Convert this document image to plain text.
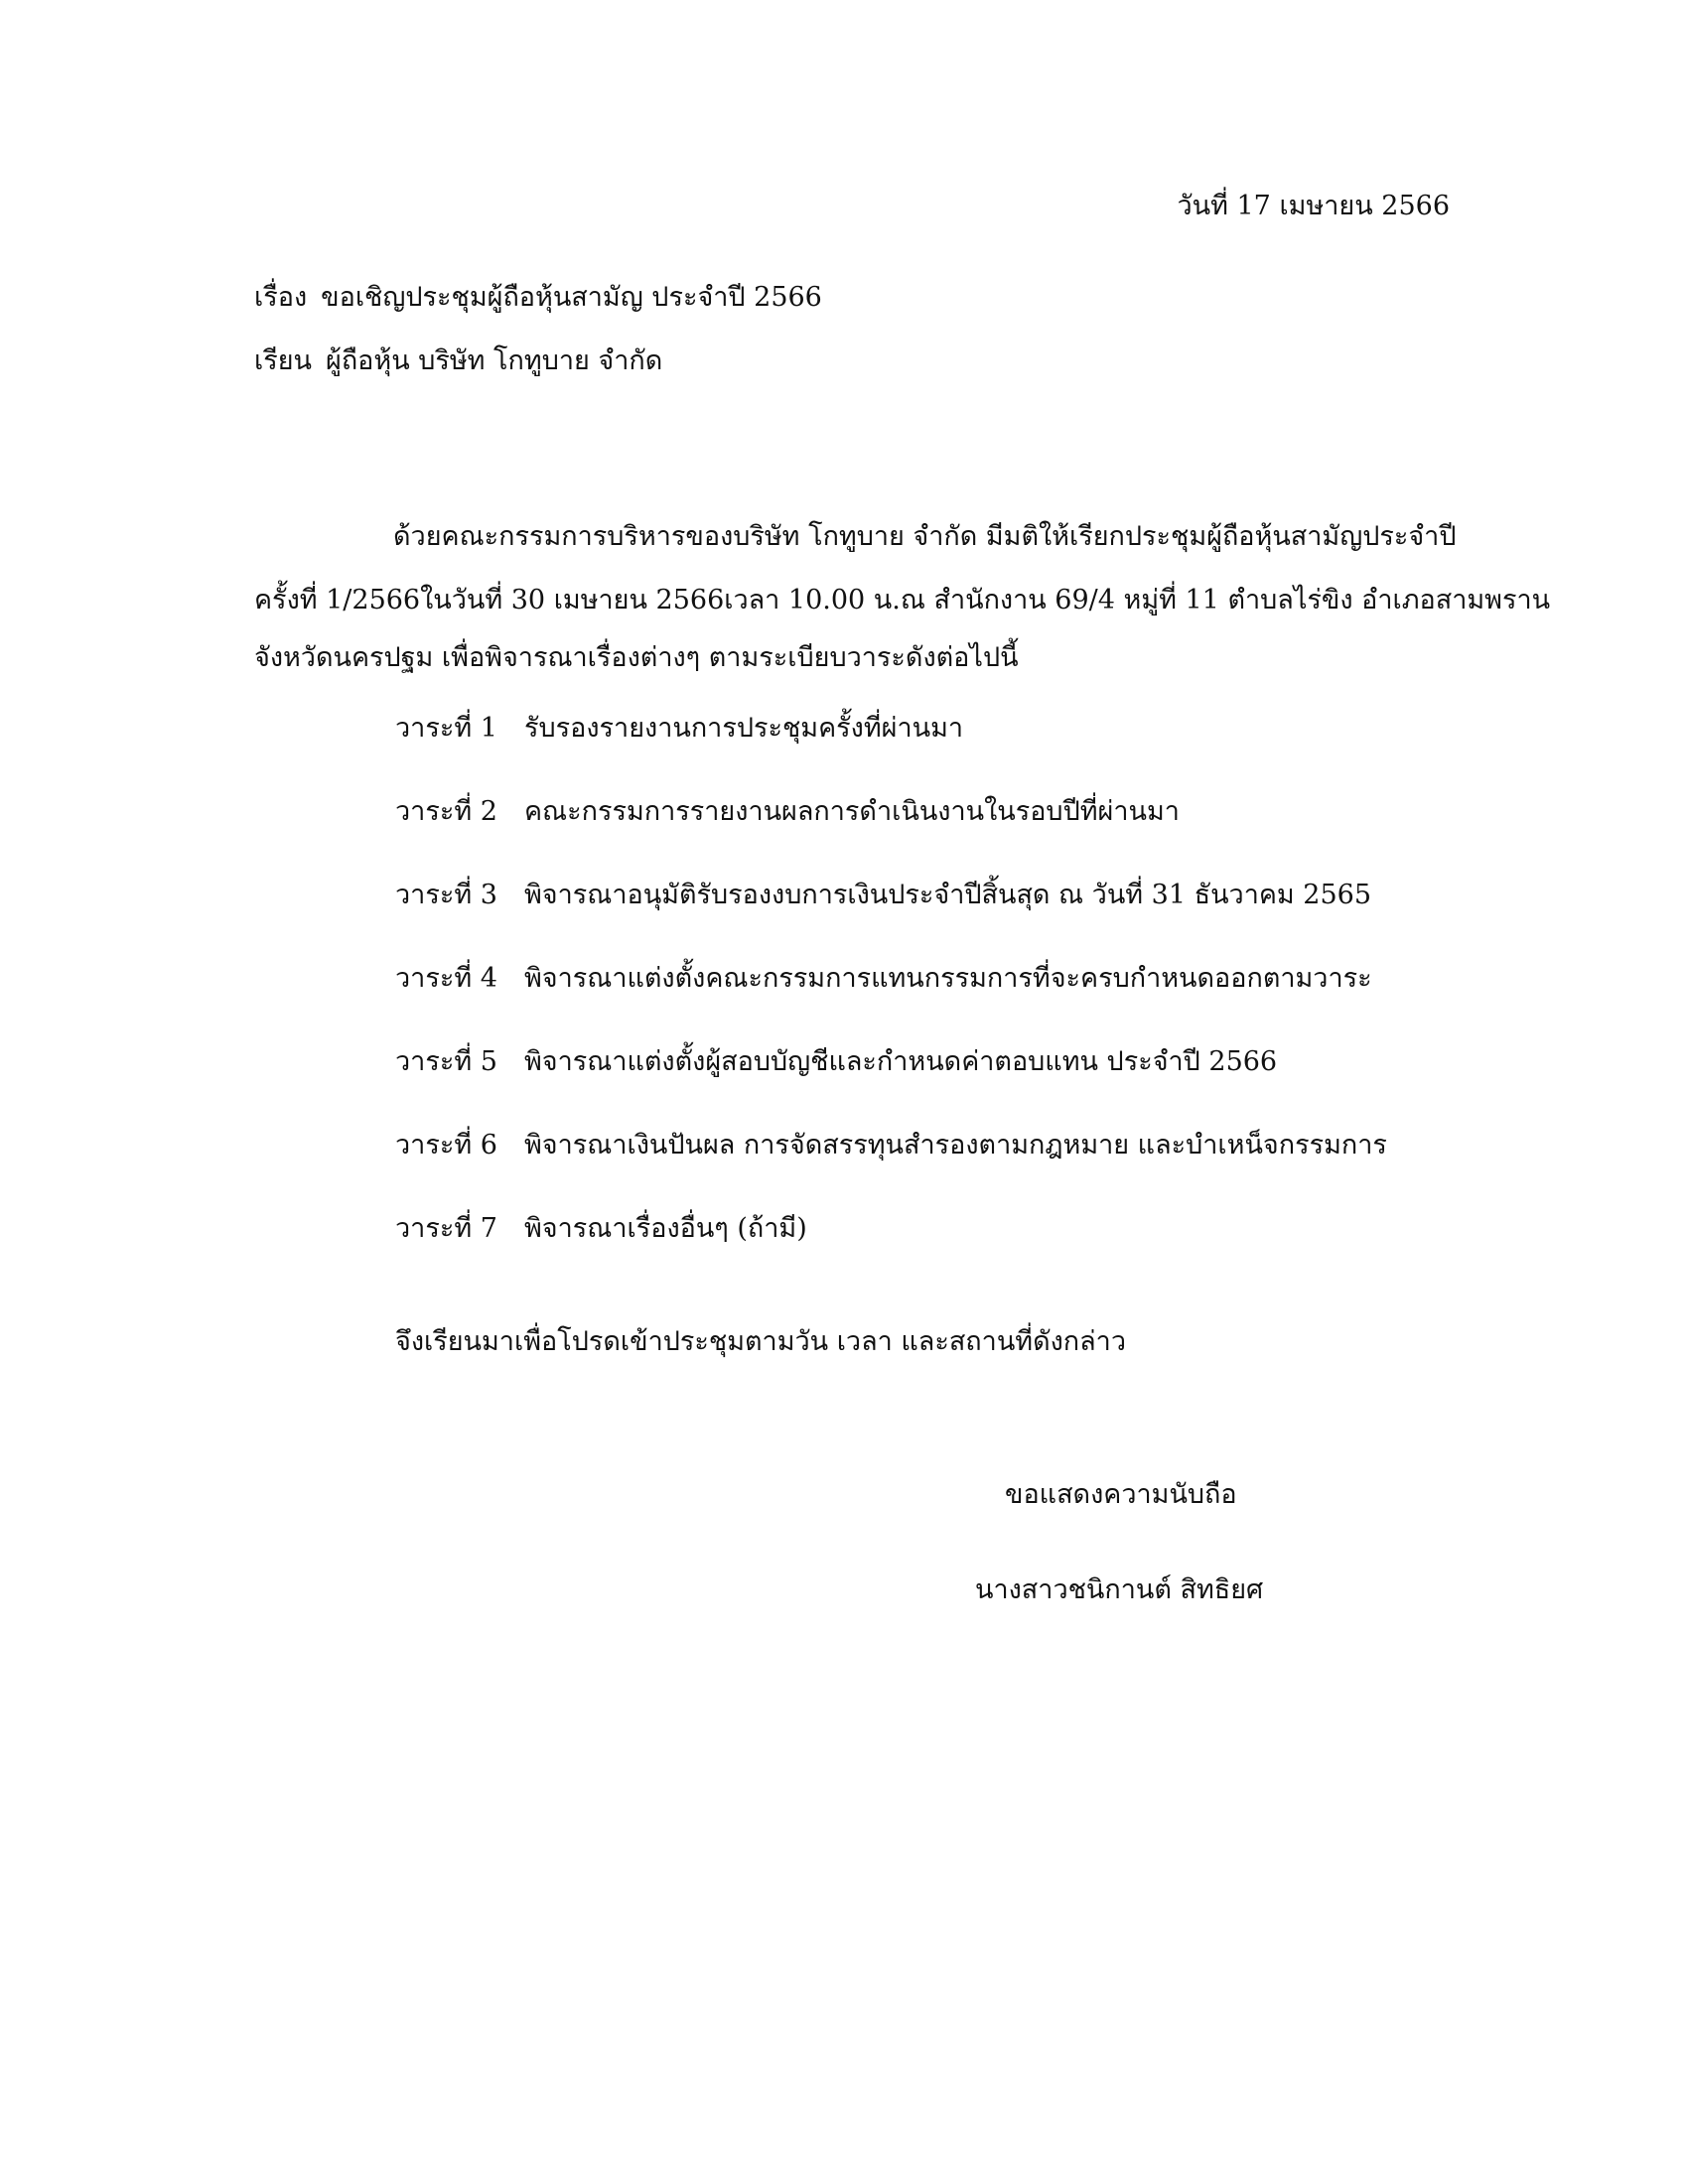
วันที่ 17 เมษายน 2566
เรื่อง ขอเชิญประชุมผู้ถือหุ้นสามัญ ประจำปี 2566
เรียน ผู้ถือหุ้น บริษัท โกทูบาย จำกัด
ด้วยคณะกรรมการบริหารของบริษัท โกทูบาย จำกัด มีมติให้เรียกประชุมผู้ถือหุ้นสามัญประจำปี
ครั้งที่ 1/2566ในวันที่ 30 เมษายน 2566เวลา 10.00 น.ณ สำนักงาน 69/4 หมู่ที่ 11 ตำบลไร่ขิง อำเภอสามพราน
จังหวัดนครปฐม เพื่อพิจารณาเรื่องต่างๆ ตามระเบียบวาระดังต่อไปนี้
วาระที่ 1	รับรองรายงานการประชุมครั้งที่ผ่านมา
วาระที่ 2	คณะกรรมการรายงานผลการดำเนินงานในรอบปีที่ผ่านมา
วาระที่ 3	พิจารณาอนุมัติรับรองงบการเงินประจำปีสิ้นสุด ณ วันที่ 31 ธันวาคม 2565
วาระที่ 4	พิจารณาแต่งตั้งคณะกรรมการแทนกรรมการที่จะครบกำหนดออกตามวาระ
วาระที่ 5	พิจารณาแต่งตั้งผู้สอบบัญชีและกำหนดค่าตอบแทน ประจำปี 2566
วาระที่ 6	พิจารณาเงินปันผล การจัดสรรทุนสำรองตามกฎหมาย และบำเหน็จกรรมการ
วาระที่ 7	พิจารณาเรื่องอื่นๆ (ถ้ามี)
จึงเรียนมาเพื่อโปรดเข้าประชุมตามวัน เวลา และสถานที่ดังกล่าว
ขอแสดงความนับถือ
นางสาวชนิกานต์ สิทธิยศ
